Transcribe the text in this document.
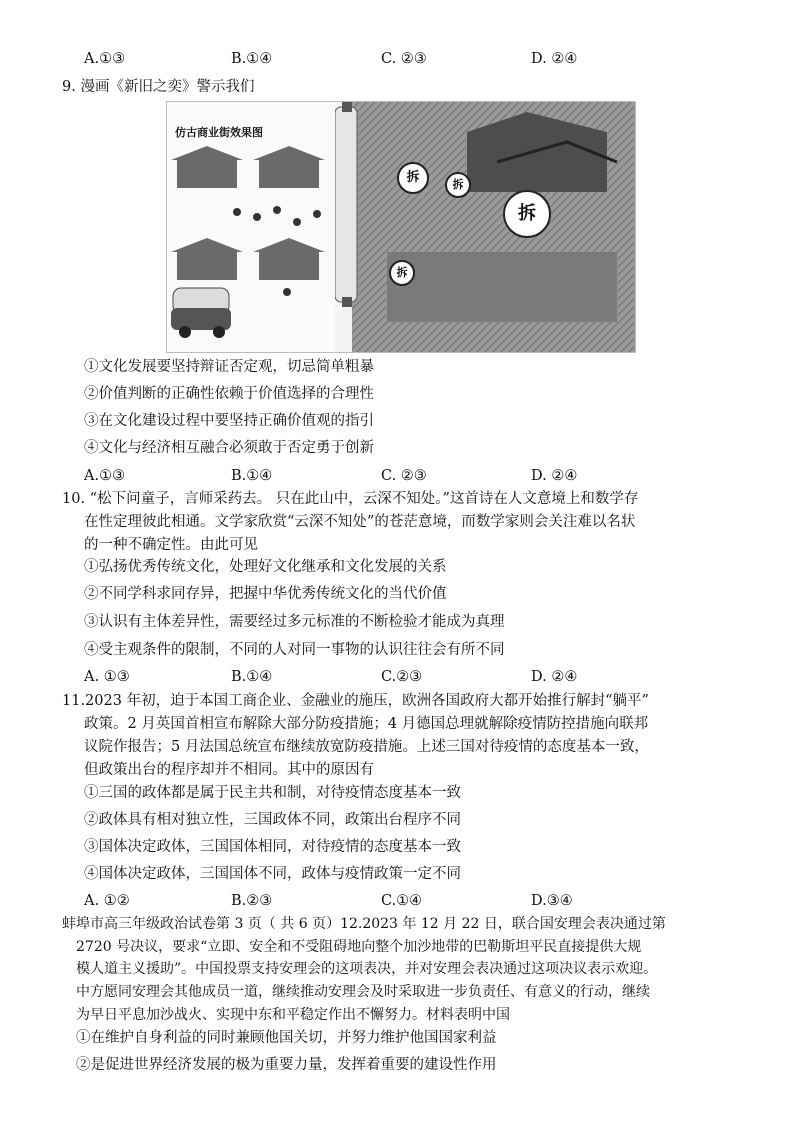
A.①③	B.①④	C. ②③	D. ②④
9. 漫画《新旧之奕》警示我们
仿古商业街效果图
拆	拆
拆
拆
①文化发展要坚持辩证否定观，切忌简单粗暴
②价值判断的正确性依赖于价值选择的合理性
③在文化建设过程中要坚持正确价值观的指引
④文化与经济相互融合必须敢于否定勇于创新
A.①③	B.①④	C. ②③	D. ②④
10. “松下问童子，言师采药去。 只在此山中，云深不知处。”这首诗在人文意境上和数学存
在性定理彼此相通。文学家欣赏“云深不知处”的苍茫意境，而数学家则会关注难以名状
的一种不确定性。由此可见
①弘扬优秀传统文化，处理好文化继承和文化发展的关系
②不同学科求同存异，把握中华优秀传统文化的当代价值
③认识有主体差异性，需要经过多元标准的不断检验才能成为真理
④受主观条件的限制，不同的人对同一事物的认识往往会有所不同
A. ①③	B.①④	C.②③	D. ②④
11.2023 年初，迫于本国工商企业、金融业的施压，欧洲各国政府大都开始推行解封“躺平”
政策。2 月英国首相宣布解除大部分防疫措施；4 月德国总理就解除疫情防控措施向联邦
议院作报告；5 月法国总统宣布继续放宽防疫措施。上述三国对待疫情的态度基本一致，
但政策出台的程序却并不相同。其中的原因有
①三国的政体都是属于民主共和制，对待疫情态度基本一致
②政体具有相对独立性，三国政体不同，政策出台程序不同
③国体决定政体，三国国体相同，对待疫情的态度基本一致
④国体决定政体，三国国体不同，政体与疫情政策一定不同
A. ①②	B.②③	C.①④	D.③④
蚌埠市高三年级政治试卷第 3 页（ 共 6 页）12.2023 年 12 月 22 日，联合国安理会表决通过第
2720 号决议，要求“立即、安全和不受阻碍地向整个加沙地带的巴勒斯坦平民直接提供大规
模人道主义援助”。中国投票支持安理会的这项表决，并对安理会表决通过这项决议表示欢迎。
中方愿同安理会其他成员一道，继续推动安理会及时采取进一步负责任、有意义的行动，继续
为早日平息加沙战火、实现中东和平稳定作出不懈努力。材料表明中国
①在维护自身利益的同时兼顾他国关切，并努力维护他国国家利益
②是促进世界经济发展的极为重要力量，发挥着重要的建设性作用
